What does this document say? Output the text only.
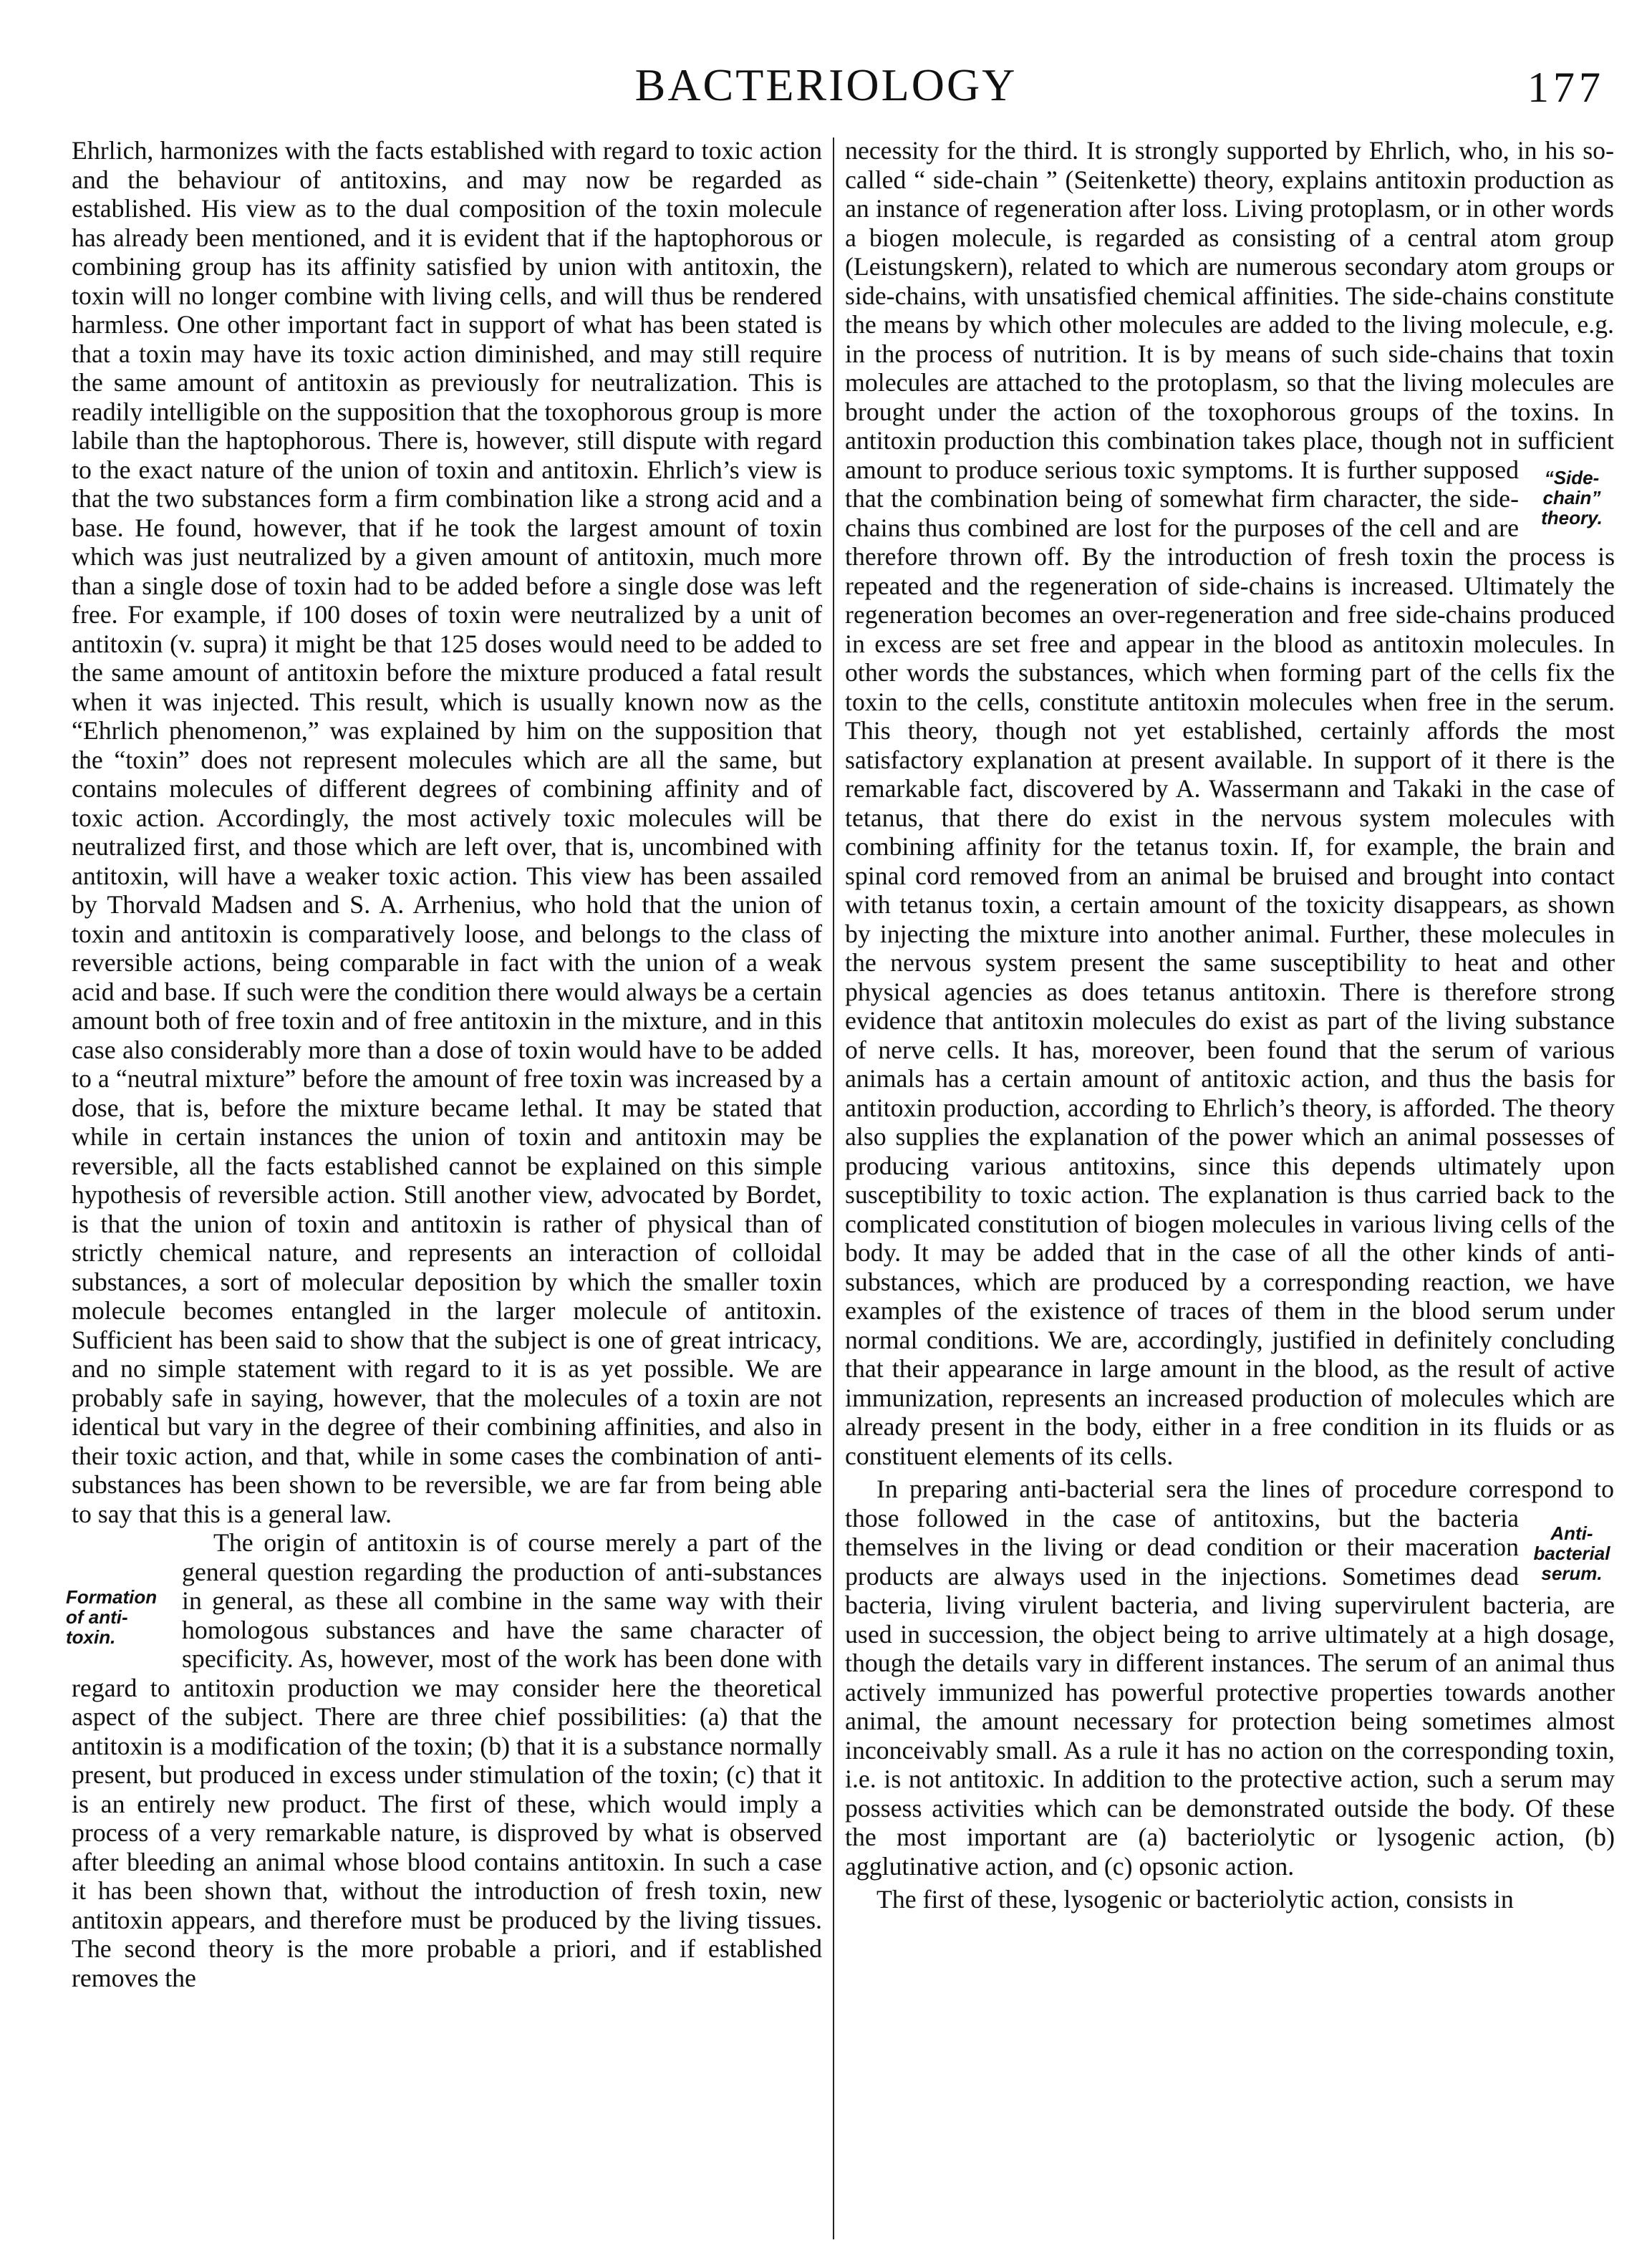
BACTERIOLOGY	177

Ehrlich, harmonizes with the facts established with regard to toxic action and the behaviour of antitoxins, and may now be regarded as established. His view as to the dual composition of the toxin molecule has already been mentioned, and it is evident that if the haptophorous or combining group has its affinity satisfied by union with antitoxin, the toxin will no longer combine with living cells, and will thus be rendered harmless. One other important fact in support of what has been stated is that a toxin may have its toxic action diminished, and may still require the same amount of antitoxin as previously for neutralization. This is readily intelligible on the supposition that the toxophorous group is more labile than the haptophorous. There is, however, still dispute with regard to the exact nature of the union of toxin and antitoxin. Ehrlich’s view is that the two substances form a firm combination like a strong acid and a base. He found, however, that if he took the largest amount of toxin which was just neutralized by a given amount of antitoxin, much more than a single dose of toxin had to be added before a single dose was left free. For example, if 100 doses of toxin were neutralized by a unit of antitoxin (v. supra) it might be that 125 doses would need to be added to the same amount of antitoxin before the mixture produced a fatal result when it was injected. This result, which is usually known now as the “Ehrlich phenomenon,” was explained by him on the supposition that the “toxin” does not represent molecules which are all the same, but contains molecules of different degrees of combining affinity and of toxic action. Accordingly, the most actively toxic molecules will be neutralized first, and those which are left over, that is, uncombined with antitoxin, will have a weaker toxic action. This view has been assailed by Thorvald Madsen and S. A. Arrhenius, who hold that the union of toxin and antitoxin is comparatively loose, and belongs to the class of reversible actions, being comparable in fact with the union of a weak acid and base. If such were the condition there would always be a certain amount both of free toxin and of free antitoxin in the mixture, and in this case also considerably more than a dose of toxin would have to be added to a “neutral mixture” before the amount of free toxin was increased by a dose, that is, before the mixture became lethal. It may be stated that while in certain instances the union of toxin and antitoxin may be reversible, all the facts established cannot be explained on this simple hypothesis of reversible action. Still another view, advocated by Bordet, is that the union of toxin and antitoxin is rather of physical than of strictly chemical nature, and represents an interaction of colloidal substances, a sort of molecular deposition by which the smaller toxin molecule becomes entangled in the larger molecule of antitoxin. Sufficient has been said to show that the subject is one of great intricacy, and no simple statement with regard to it is as yet possible. We are probably safe in saying, however, that the molecules of a toxin are not identical but vary in the degree of their combining affinities, and also in their toxic action, and that, while in some cases the combination of anti-substances has been shown to be reversible, we are far from being able to say that this is a general law.

Formation
of anti-
toxin.

The origin of antitoxin is of course merely a part of the general question regarding the production of anti-substances in general, as these all combine in the same way with their homologous substances and have the same character of specificity. As, however, most of the work has been done with regard to antitoxin production we may consider here the theoretical aspect of the subject. There are three chief possibilities: (a) that the antitoxin is a modification of the toxin; (b) that it is a substance normally present, but produced in excess under stimulation of the toxin; (c) that it is an entirely new product. The first of these, which would imply a process of a very remarkable nature, is disproved by what is observed after bleeding an animal whose blood contains antitoxin. In such a case it has been shown that, without the introduction of fresh toxin, new antitoxin appears, and therefore must be produced by the living tissues. The second theory is the more probable a priori, and if established removes the

“Side-
chain”
theory.

necessity for the third. It is strongly supported by Ehrlich, who, in his so-called “ side-chain ” (Seitenkette) theory, explains antitoxin production as an instance of regeneration after loss. Living protoplasm, or in other words a biogen molecule, is regarded as consisting of a central atom group (Leistungskern), related to which are numerous secondary atom groups or side-chains, with unsatisfied chemical affinities. The side-chains constitute the means by which other molecules are added to the living molecule, e.g. in the process of nutrition. It is by means of such side-chains that toxin molecules are attached to the protoplasm, so that the living molecules are brought under the action of the toxophorous groups of the toxins. In antitoxin production this combination takes place, though not in sufficient amount to produce serious toxic symptoms. It is further supposed that the combination being of somewhat firm character, the side-chains thus combined are lost for the purposes of the cell and are therefore thrown off. By the introduction of fresh toxin the process is repeated and the regeneration of side-chains is increased. Ultimately the regeneration becomes an over-regeneration and free side-chains produced in excess are set free and appear in the blood as antitoxin molecules. In other words the substances, which when forming part of the cells fix the toxin to the cells, constitute antitoxin molecules when free in the serum. This theory, though not yet established, certainly affords the most satisfactory explanation at present available. In support of it there is the remarkable fact, discovered by A. Wassermann and Takaki in the case of tetanus, that there do exist in the nervous system molecules with combining affinity for the tetanus toxin. If, for example, the brain and spinal cord removed from an animal be bruised and brought into contact with tetanus toxin, a certain amount of the toxicity disappears, as shown by injecting the mixture into another animal. Further, these molecules in the nervous system present the same susceptibility to heat and other physical agencies as does tetanus antitoxin. There is therefore strong evidence that antitoxin molecules do exist as part of the living substance of nerve cells. It has, moreover, been found that the serum of various animals has a certain amount of antitoxic action, and thus the basis for antitoxin production, according to Ehrlich’s theory, is afforded. The theory also supplies the explanation of the power which an animal possesses of producing various antitoxins, since this depends ultimately upon susceptibility to toxic action. The explanation is thus carried back to the complicated constitution of biogen molecules in various living cells of the body. It may be added that in the case of all the other kinds of anti-substances, which are produced by a corresponding reaction, we have examples of the existence of traces of them in the blood serum under normal conditions. We are, accordingly, justified in definitely concluding that their appearance in large amount in the blood, as the result of active immunization, represents an increased production of molecules which are already present in the body, either in a free condition in its fluids or as constituent elements of its cells.

Anti-
bacterial
serum.

In preparing anti-bacterial sera the lines of procedure correspond to those followed in the case of antitoxins, but the bacteria themselves in the living or dead condition or their maceration products are always used in the injections. Sometimes dead bacteria, living virulent bacteria, and living supervirulent bacteria, are used in succession, the object being to arrive ultimately at a high dosage, though the details vary in different instances. The serum of an animal thus actively immunized has powerful protective properties towards another animal, the amount necessary for protection being sometimes almost inconceivably small. As a rule it has no action on the corresponding toxin, i.e. is not antitoxic. In addition to the protective action, such a serum may possess activities which can be demonstrated outside the body. Of these the most important are (a) bacteriolytic or lysogenic action, (b) agglutinative action, and (c) opsonic action.

The first of these, lysogenic or bacteriolytic action, consists in
